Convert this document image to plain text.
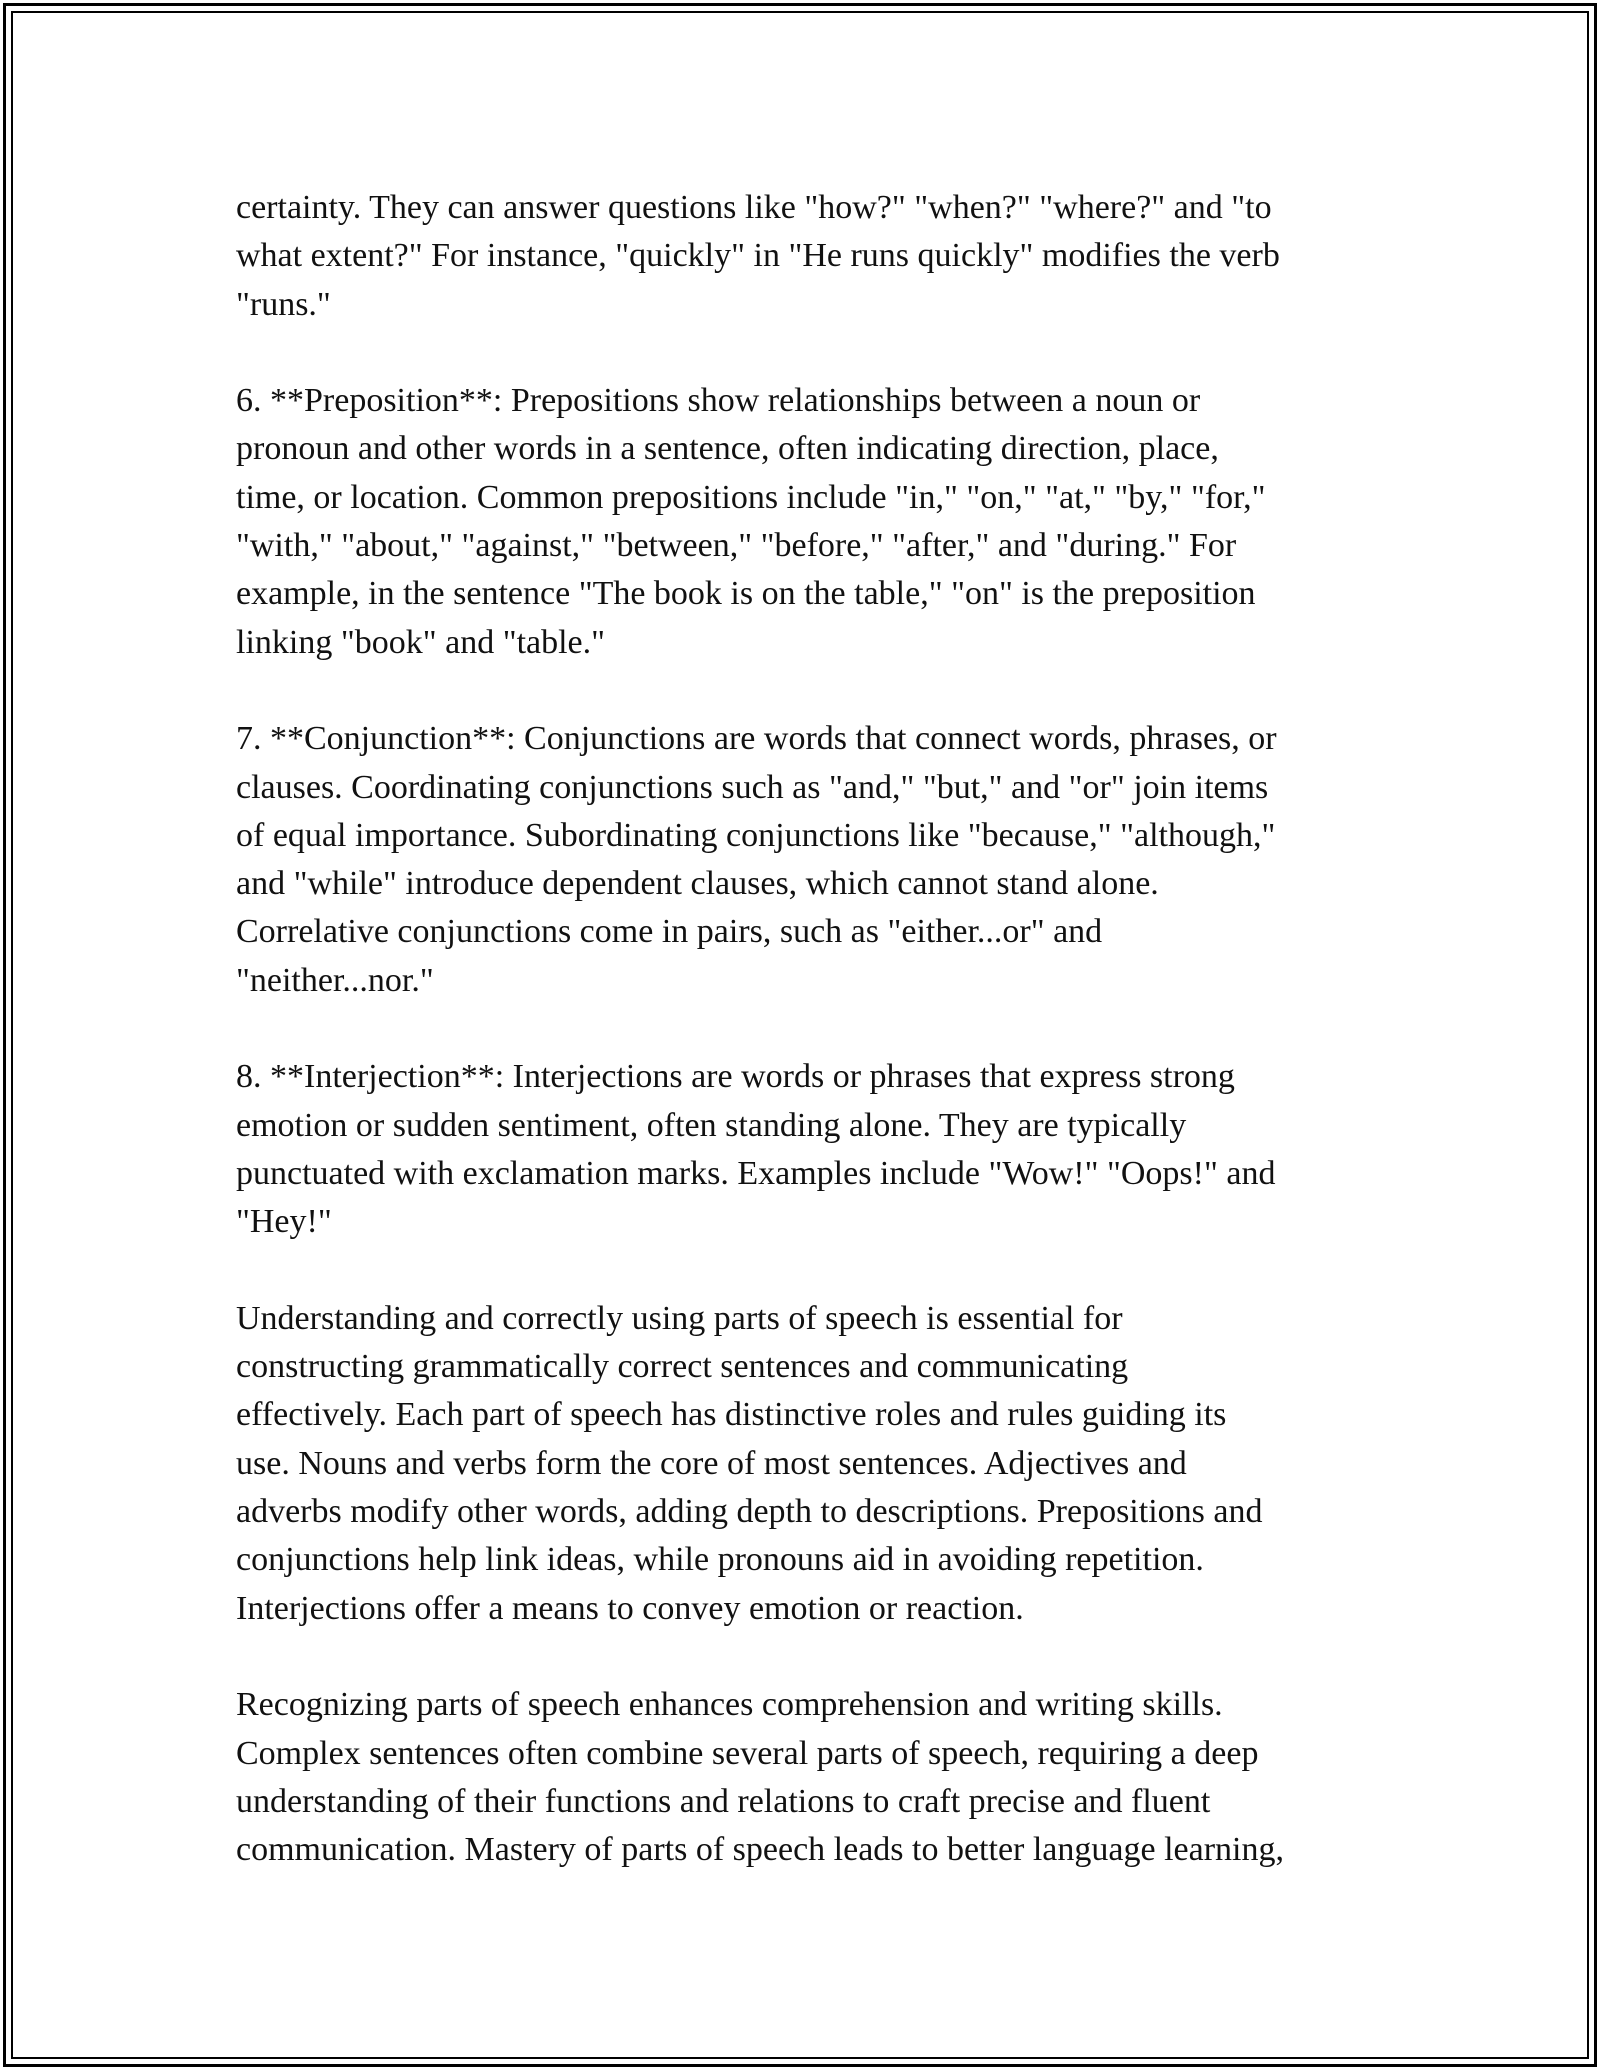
certainty. They can answer questions like "how?" "when?" "where?" and "to
what extent?" For instance, "quickly" in "He runs quickly" modifies the verb
"runs."

6. **Preposition**: Prepositions show relationships between a noun or
pronoun and other words in a sentence, often indicating direction, place,
time, or location. Common prepositions include "in," "on," "at," "by," "for,"
"with," "about," "against," "between," "before," "after," and "during." For
example, in the sentence "The book is on the table," "on" is the preposition
linking "book" and "table."

7. **Conjunction**: Conjunctions are words that connect words, phrases, or
clauses. Coordinating conjunctions such as "and," "but," and "or" join items
of equal importance. Subordinating conjunctions like "because," "although,"
and "while" introduce dependent clauses, which cannot stand alone.
Correlative conjunctions come in pairs, such as "either...or" and
"neither...nor."

8. **Interjection**: Interjections are words or phrases that express strong
emotion or sudden sentiment, often standing alone. They are typically
punctuated with exclamation marks. Examples include "Wow!" "Oops!" and
"Hey!"

Understanding and correctly using parts of speech is essential for
constructing grammatically correct sentences and communicating
effectively. Each part of speech has distinctive roles and rules guiding its
use. Nouns and verbs form the core of most sentences. Adjectives and
adverbs modify other words, adding depth to descriptions. Prepositions and
conjunctions help link ideas, while pronouns aid in avoiding repetition.
Interjections offer a means to convey emotion or reaction.

Recognizing parts of speech enhances comprehension and writing skills.
Complex sentences often combine several parts of speech, requiring a deep
understanding of their functions and relations to craft precise and fluent
communication. Mastery of parts of speech leads to better language learning,
